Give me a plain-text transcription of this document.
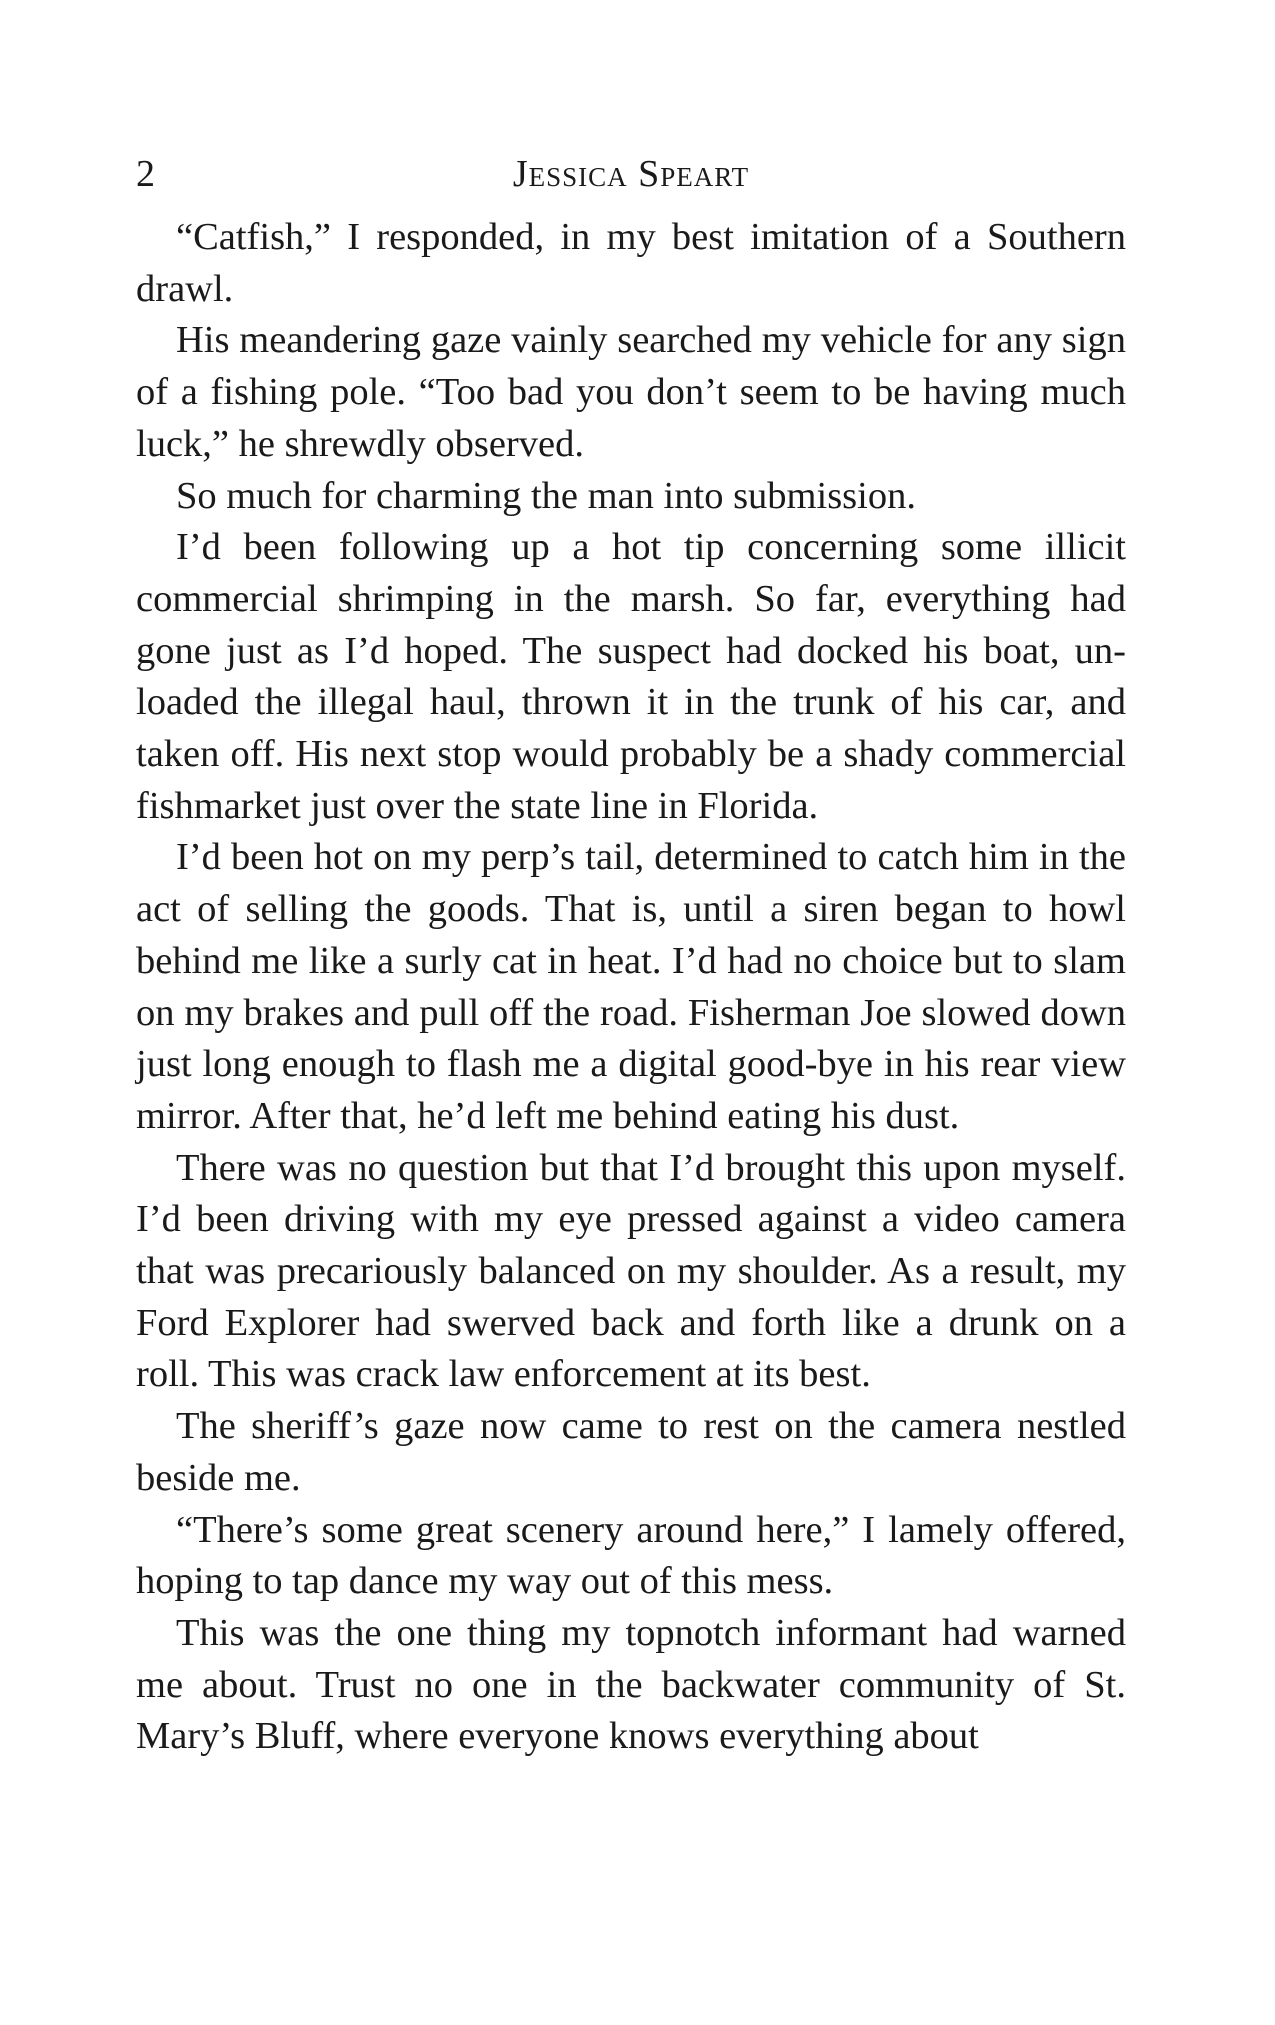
2	Jessica Speart

“Catfish,” I responded, in my best imitation of a Southern drawl.

His meandering gaze vainly searched my vehicle for any sign of a fishing pole. “Too bad you don’t seem to be having much luck,” he shrewdly observed.

So much for charming the man into submission.

I’d been following up a hot tip concerning some illicit commercial shrimping in the marsh. So far, everything had gone just as I’d hoped. The suspect had docked his boat, unloaded the illegal haul, thrown it in the trunk of his car, and taken off. His next stop would probably be a shady commercial fishmarket just over the state line in Florida.

I’d been hot on my perp’s tail, determined to catch him in the act of selling the goods. That is, until a siren began to howl behind me like a surly cat in heat. I’d had no choice but to slam on my brakes and pull off the road. Fisherman Joe slowed down just long enough to flash me a digital good-bye in his rear view mirror. After that, he’d left me behind eating his dust.

There was no question but that I’d brought this upon myself. I’d been driving with my eye pressed against a video camera that was precariously balanced on my shoulder. As a result, my Ford Explorer had swerved back and forth like a drunk on a roll. This was crack law enforcement at its best.

The sheriff’s gaze now came to rest on the camera nestled beside me.

“There’s some great scenery around here,” I lamely offered, hoping to tap dance my way out of this mess.

This was the one thing my topnotch informant had warned me about. Trust no one in the backwater community of St. Mary’s Bluff, where everyone knows everything about
